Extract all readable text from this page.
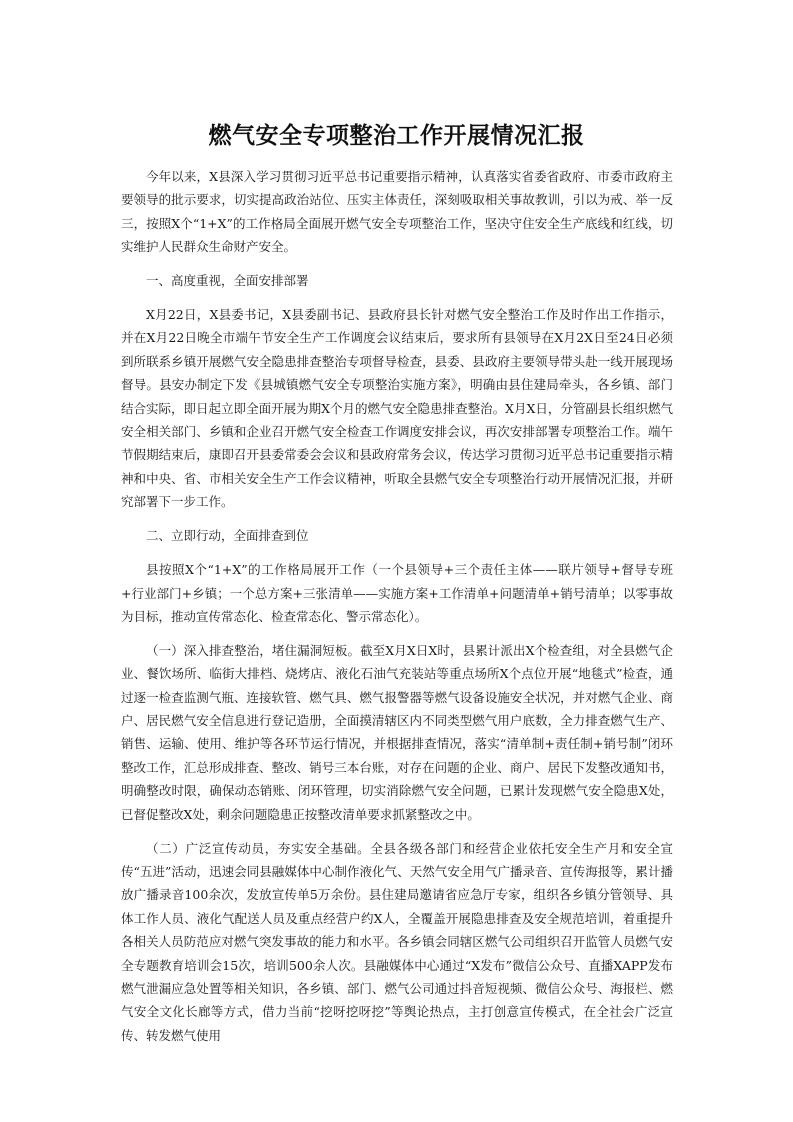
燃气安全专项整治工作开展情况汇报

今年以来，X县深入学习贯彻习近平总书记重要指示精神，认真落实省委省政府、市委市政府主要领导的批示要求，切实提高政治站位、压实主体责任，深刻吸取相关事故教训，引以为戒、举一反三，按照X个“1+X”的工作格局全面展开燃气安全专项整治工作，坚决守住安全生产底线和红线，切实维护人民群众生命财产安全。

一、高度重视，全面安排部署

X月22日，X县委书记，X县委副书记、县政府县长针对燃气安全整治工作及时作出工作指示，并在X月22日晚全市端午节安全生产工作调度会议结束后，要求所有县领导在X月2X日至24日必须到所联系乡镇开展燃气安全隐患排查整治专项督导检查，县委、县政府主要领导带头赴一线开展现场督导。县安办制定下发《县城镇燃气安全专项整治实施方案》，明确由县住建局牵头，各乡镇、部门结合实际，即日起立即全面开展为期X个月的燃气安全隐患排查整治。X月X日，分管副县长组织燃气安全相关部门、乡镇和企业召开燃气安全检查工作调度安排会议，再次安排部署专项整治工作。端午节假期结束后，康即召开县委常委会会议和县政府常务会议，传达学习贯彻习近平总书记重要指示精神和中央、省、市相关安全生产工作会议精神，听取全县燃气安全专项整治行动开展情况汇报，并研究部署下一步工作。

二、立即行动，全面排查到位

县按照X个“1+X”的工作格局展开工作（一个县领导+三个责任主体——联片领导+督导专班+行业部门+乡镇；一个总方案+三张清单——实施方案+工作清单+问题清单+销号清单；以零事故为目标，推动宣传常态化、检查常态化、警示常态化）。

（一）深入排查整治，堵住漏洞短板。截至X月X日X时，县累计派出X个检查组，对全县燃气企业、餐饮场所、临街大排档、烧烤店、液化石油气充装站等重点场所X个点位开展“地毯式”检查，通过逐一检查监测气瓶、连接软管、燃气具、燃气报警器等燃气设备设施安全状况，并对燃气企业、商户、居民燃气安全信息进行登记造册，全面摸清辖区内不同类型燃气用户底数，全力排查燃气生产、销售、运输、使用、维护等各环节运行情况，并根据排查情况，落实“清单制+责任制+销号制”闭环整改工作，汇总形成排查、整改、销号三本台账，对存在问题的企业、商户、居民下发整改通知书，明确整改时限，确保动态销账、闭环管理，切实消除燃气安全问题，已累计发现燃气安全隐患X处，已督促整改X处，剩余问题隐患正按整改清单要求抓紧整改之中。

（二）广泛宣传动员，夯实安全基础。全县各级各部门和经营企业依托安全生产月和安全宣传“五进”活动，迅速会同县融媒体中心制作液化气、天然气安全用气广播录音、宣传海报等，累计播放广播录音100余次，发放宣传单5万余份。县住建局邀请省应急厅专家，组织各乡镇分管领导、具体工作人员、液化气配送人员及重点经营户约X人，全覆盖开展隐患排查及安全规范培训，着重提升各相关人员防范应对燃气突发事故的能力和水平。各乡镇会同辖区燃气公司组织召开监管人员燃气安全专题教育培训会15次，培训500余人次。县融媒体中心通过“X发布”微信公众号、直播XAPP发布燃气泄漏应急处置等相关知识，各乡镇、部门、燃气公司通过抖音短视频、微信公众号、海报栏、燃气安全文化长廊等方式，借力当前“挖呀挖呀挖”等舆论热点，主打创意宣传模式，在全社会广泛宣传、转发燃气使用
